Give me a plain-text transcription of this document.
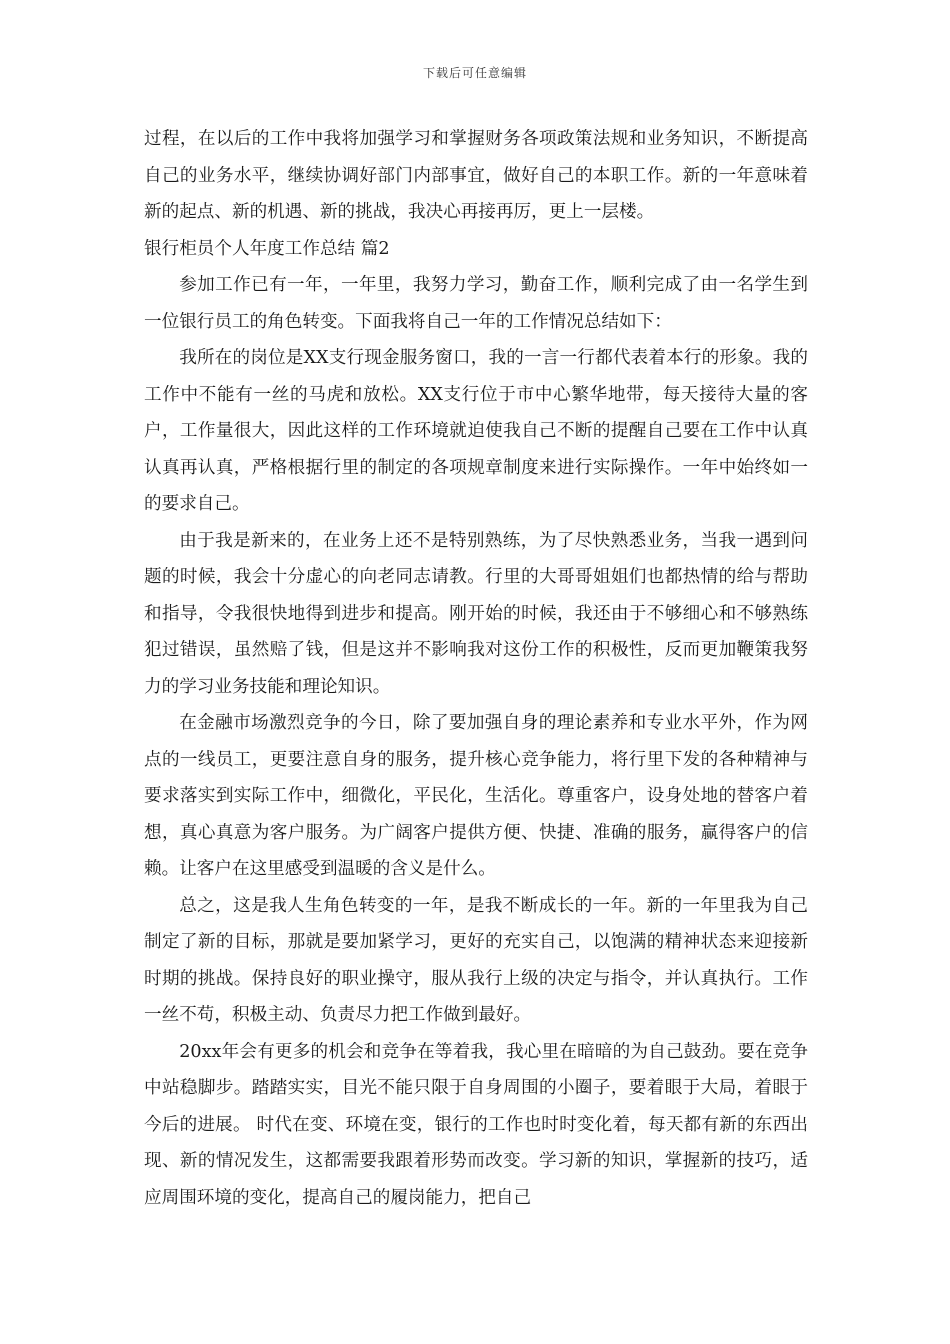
下载后可任意编辑

过程，在以后的工作中我将加强学习和掌握财务各项政策法规和业务知识，不断提高自己的业务水平，继续协调好部门内部事宜，做好自己的本职工作。新的一年意味着新的起点、新的机遇、新的挑战，我决心再接再厉，更上一层楼。

银行柜员个人年度工作总结 篇2

参加工作已有一年，一年里，我努力学习，勤奋工作，顺利完成了由一名学生到一位银行员工的角色转变。下面我将自己一年的工作情况总结如下：

我所在的岗位是XX支行现金服务窗口，我的一言一行都代表着本行的形象。我的工作中不能有一丝的马虎和放松。XX支行位于市中心繁华地带，每天接待大量的客户，工作量很大，因此这样的工作环境就迫使我自己不断的提醒自己要在工作中认真认真再认真，严格根据行里的制定的各项规章制度来进行实际操作。一年中始终如一的要求自己。

由于我是新来的，在业务上还不是特别熟练，为了尽快熟悉业务，当我一遇到问题的时候，我会十分虚心的向老同志请教。行里的大哥哥姐姐们也都热情的给与帮助和指导，令我很快地得到进步和提高。刚开始的时候，我还由于不够细心和不够熟练犯过错误，虽然赔了钱，但是这并不影响我对这份工作的积极性，反而更加鞭策我努力的学习业务技能和理论知识。

在金融市场激烈竞争的今日，除了要加强自身的理论素养和专业水平外，作为网点的一线员工，更要注意自身的服务，提升核心竞争能力，将行里下发的各种精神与要求落实到实际工作中，细微化，平民化，生活化。尊重客户，设身处地的替客户着想，真心真意为客户服务。为广阔客户提供方便、快捷、准确的服务，赢得客户的信赖。让客户在这里感受到温暖的含义是什么。

总之，这是我人生角色转变的一年，是我不断成长的一年。新的一年里我为自己制定了新的目标，那就是要加紧学习，更好的充实自己，以饱满的精神状态来迎接新时期的挑战。保持良好的职业操守，服从我行上级的决定与指令，并认真执行。工作一丝不苟，积极主动、负责尽力把工作做到最好。

20xx年会有更多的机会和竞争在等着我，我心里在暗暗的为自己鼓劲。要在竞争中站稳脚步。踏踏实实，目光不能只限于自身周围的小圈子，要着眼于大局，着眼于今后的进展。 时代在变、环境在变，银行的工作也时时变化着，每天都有新的东西出现、新的情况发生，这都需要我跟着形势而改变。学习新的知识，掌握新的技巧，适应周围环境的变化，提高自己的履岗能力，把自己
